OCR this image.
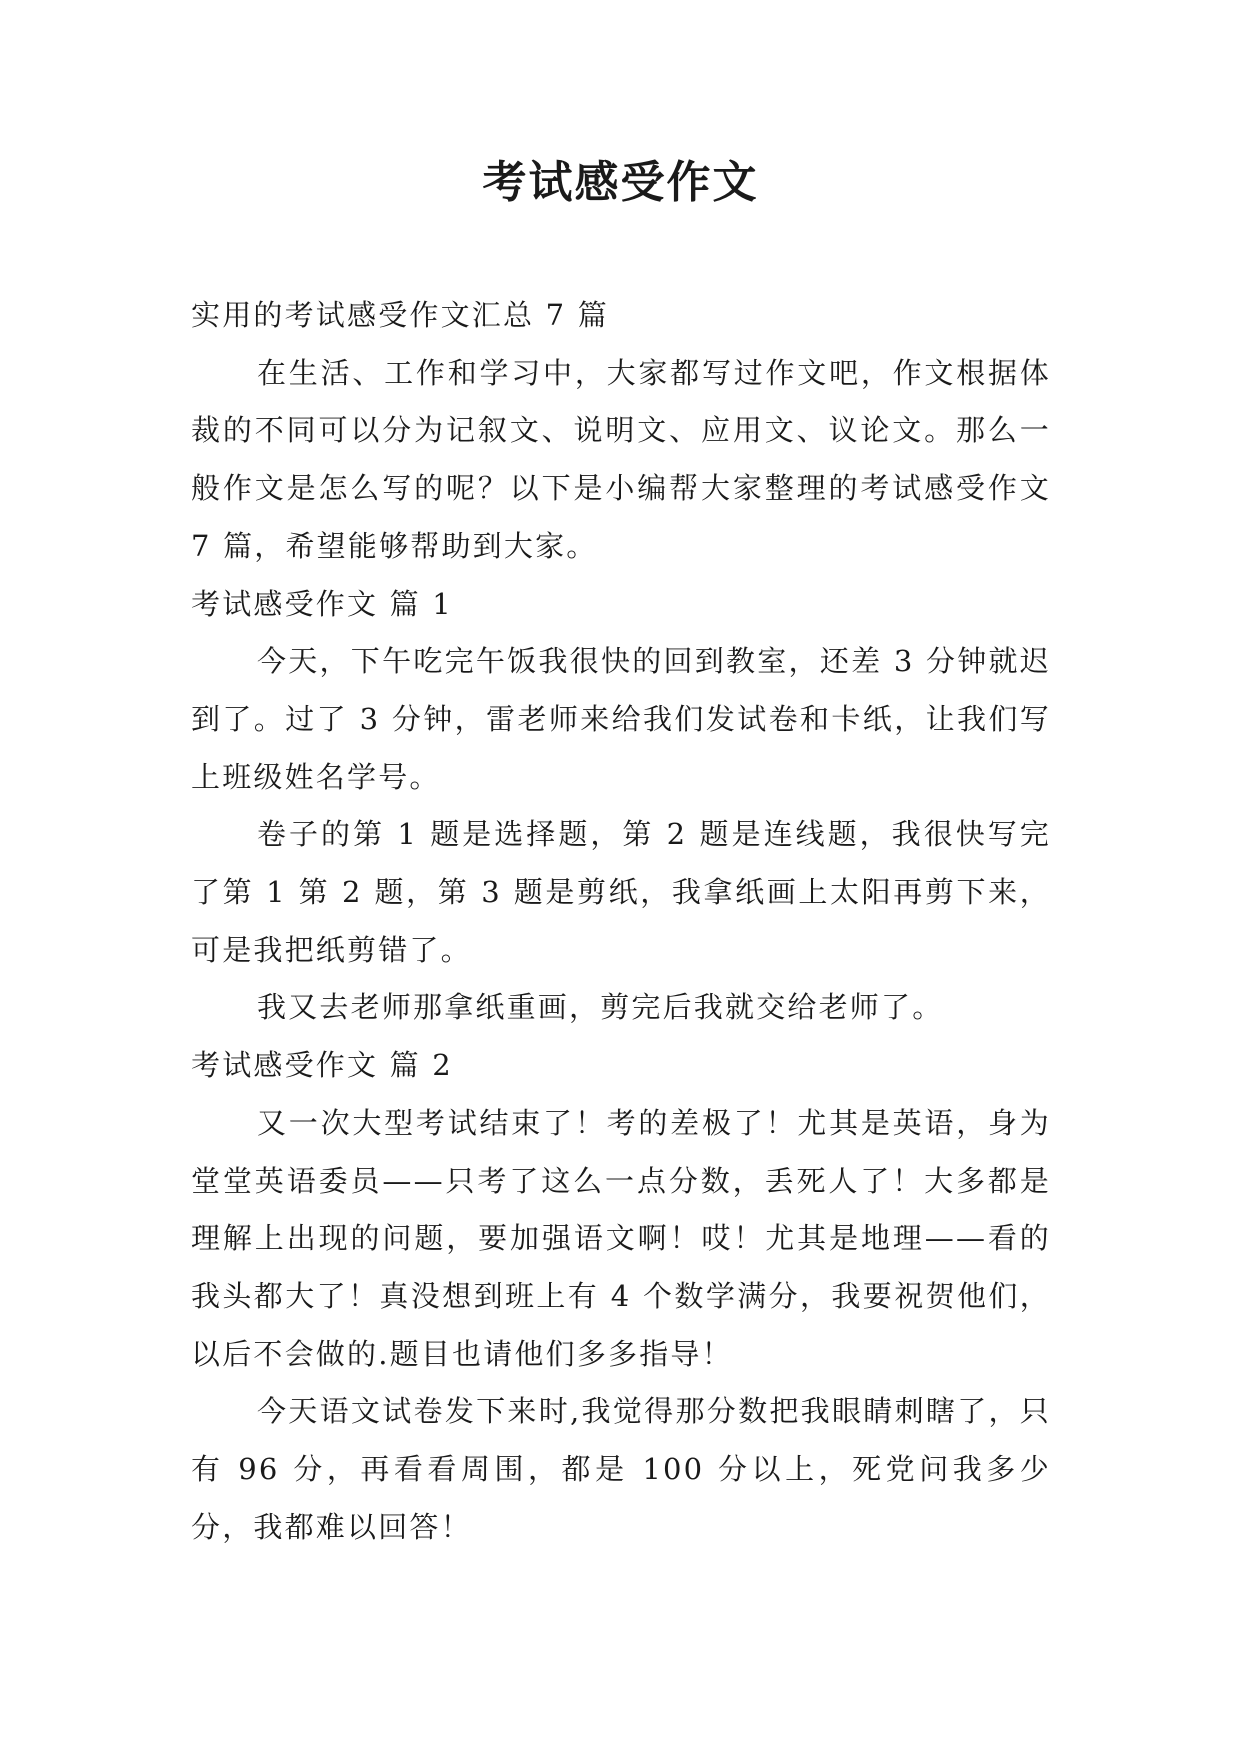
考试感受作文

实用的考试感受作文汇总 7 篇

在生活、工作和学习中，大家都写过作文吧，作文根据体裁的不同可以分为记叙文、说明文、应用文、议论文。那么一般作文是怎么写的呢？以下是小编帮大家整理的考试感受作文 7 篇，希望能够帮助到大家。

考试感受作文 篇 1

今天，下午吃完午饭我很快的回到教室，还差 3 分钟就迟到了。过了 3 分钟，雷老师来给我们发试卷和卡纸，让我们写上班级姓名学号。

卷子的第 1 题是选择题，第 2 题是连线题，我很快写完了第 1 第 2 题，第 3 题是剪纸，我拿纸画上太阳再剪下来，可是我把纸剪错了。

我又去老师那拿纸重画，剪完后我就交给老师了。

考试感受作文 篇 2

又一次大型考试结束了！考的差极了！尤其是英语，身为堂堂英语委员——只考了这么一点分数，丢死人了！大多都是理解上出现的问题，要加强语文啊！哎！尤其是地理——看的我头都大了！真没想到班上有 4 个数学满分，我要祝贺他们，以后不会做的.题目也请他们多多指导！

今天语文试卷发下来时,我觉得那分数把我眼睛刺瞎了，只有 96 分，再看看周围，都是 100 分以上，死党问我多少分，我都难以回答！
